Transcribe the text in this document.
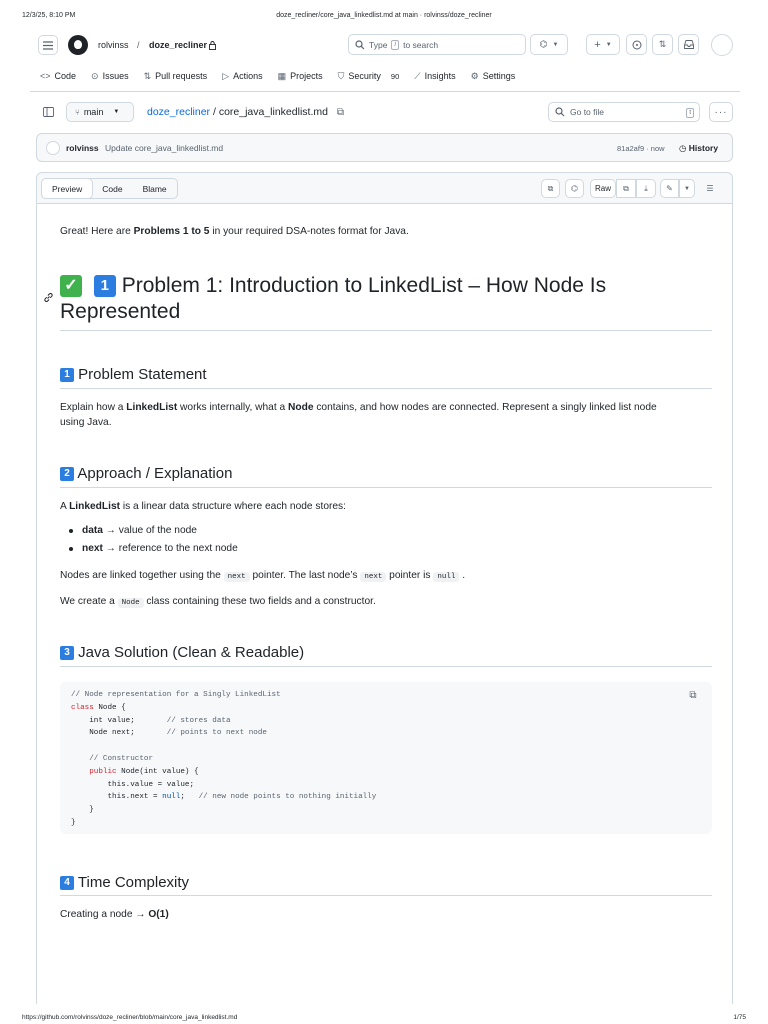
12/3/25, 8:10 PM	doze_recliner/core_java_linkedlist.md at main · rolvinss/doze_recliner
rolvinss / doze_recliner	Type	/ to search	⌬ ▼	+ ▼	⇅
<> Code ⊙ Issues ⇅ Pull requests ▷ Actions ▦ Projects ⛉ Security 90 ⟋ Insights ⚙ Settings
⑂ main ▼	doze_recliner / core_java_linkedlist.md ⧉	Go to file	t	···
rolvinss Update core_java_linkedlist.md	81a2af9 · now ◷ History
Preview	Code	Blame	⧉ ⌬	Raw	⧉ ⤓ ✎ ▼ ☰
Great! Here are Problems 1 to 5 in your required DSA-notes format for Java.
✓ 1 Problem 1: Introduction to LinkedList – How Node Is
Represented
1 Problem Statement
Explain how a LinkedList works internally, what a Node contains, and how nodes are connected. Represent a singly linked list node
using Java.
2 Approach / Explanation
A LinkedList is a linear data structure where each node stores:
data → value of the node
next → reference to the next node
Nodes are linked together using the next pointer. The last node’s next pointer is null .
We create a Node class containing these two fields and a constructor.
3 Java Solution (Clean & Readable)
// Node representation for a Singly LinkedList
class Node {
int value;       // stores data
Node next;       // points to next node

// Constructor
public Node(int value) {
this.value = value;
this.next = null;   // new node points to nothing initially
}
}
⧉
4 Time Complexity
Creating a node → O(1)
https://github.com/rolvinss/doze_recliner/blob/main/core_java_linkedlist.md	1/75
